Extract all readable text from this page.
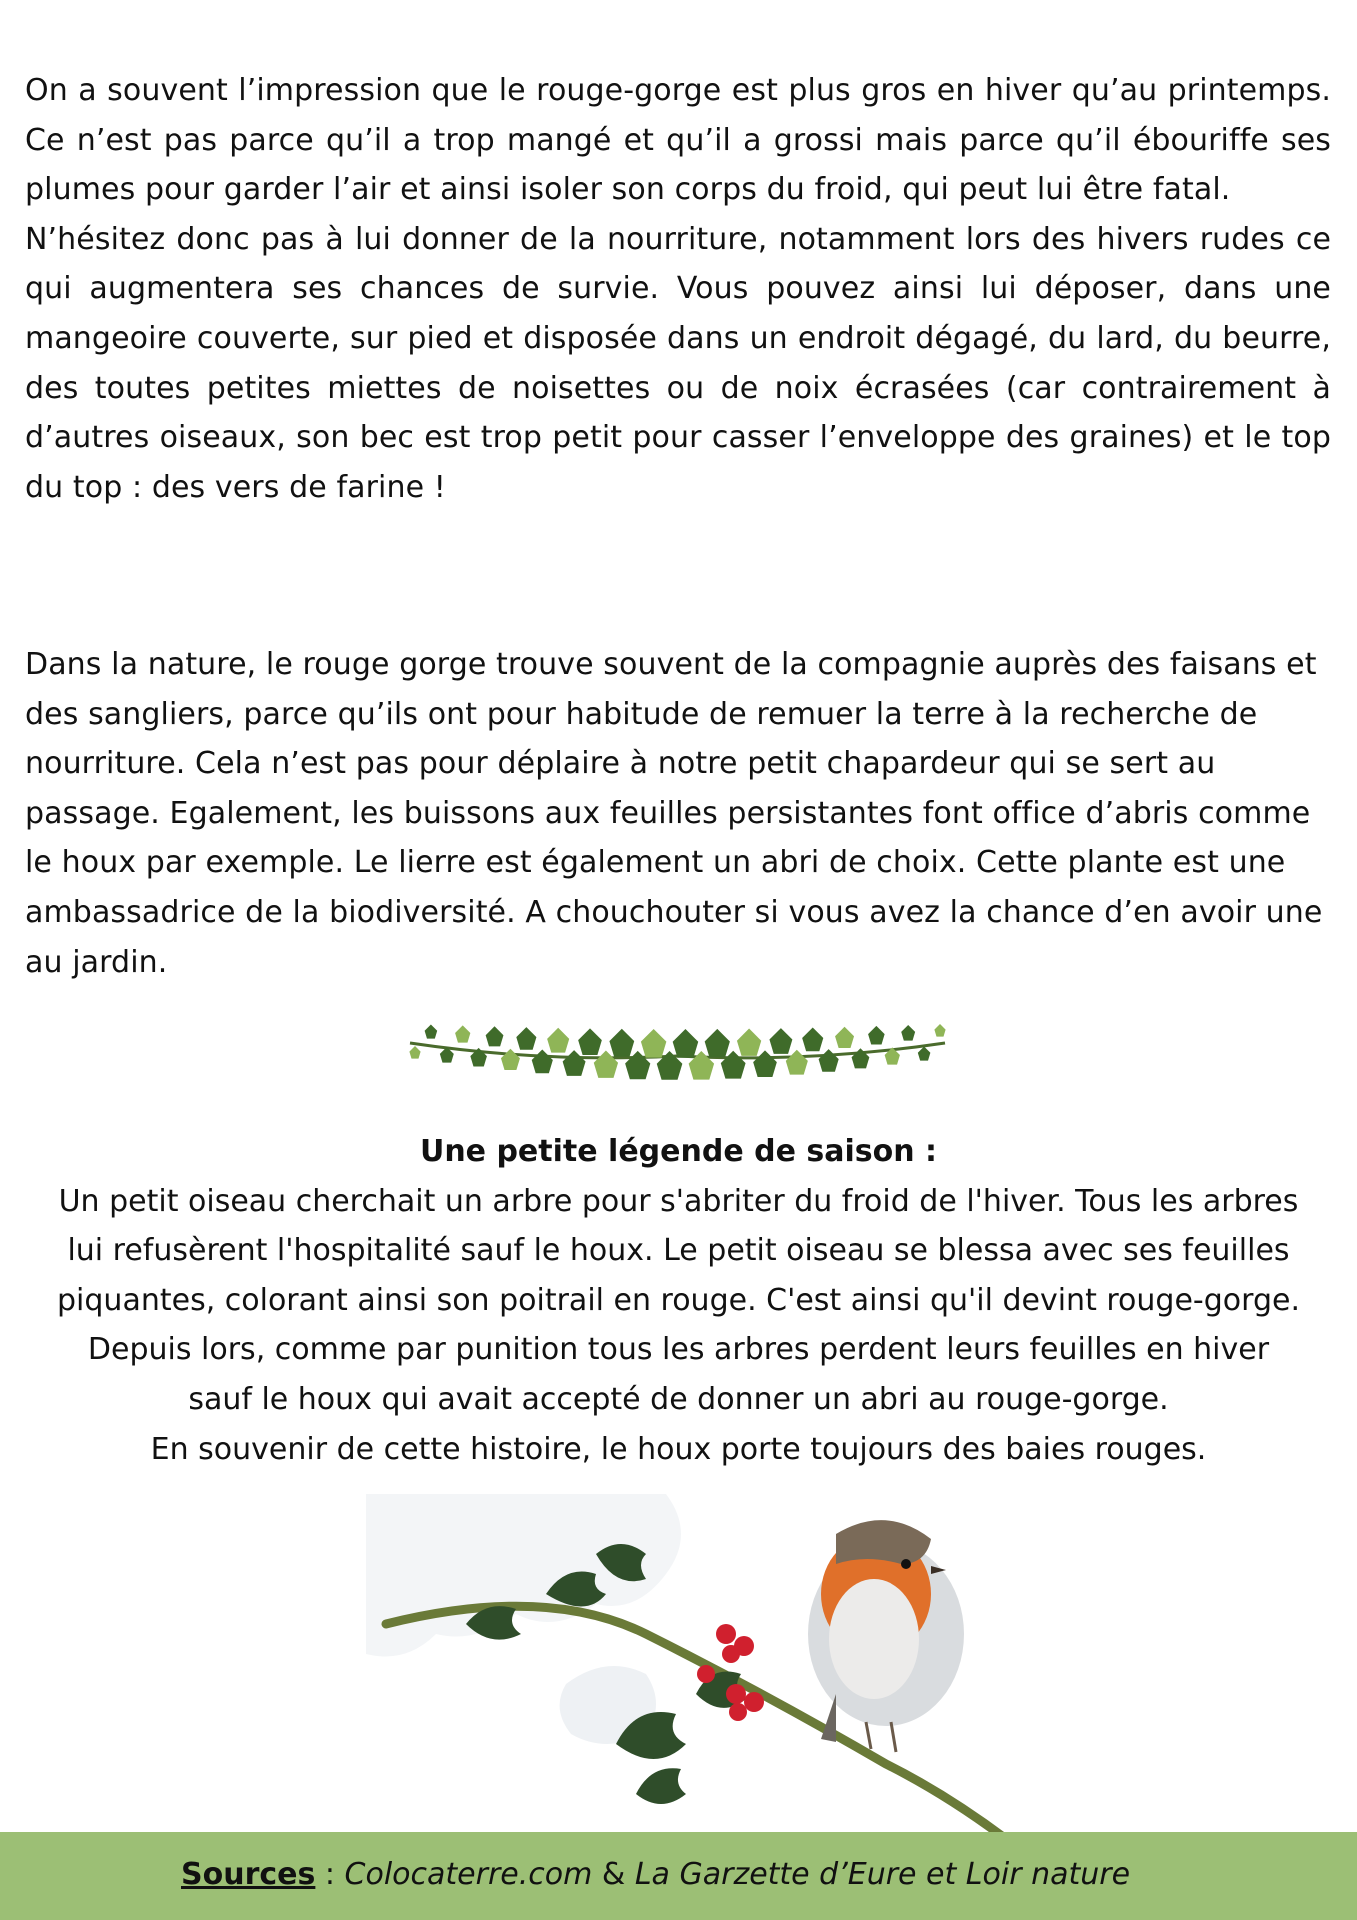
On a souvent l’impression que le rouge-gorge est plus gros en hiver qu’au printemps. Ce n’est pas parce qu’il a trop mangé et qu’il a grossi mais parce qu’il ébouriffe ses plumes pour garder l’air et ainsi isoler son corps du froid, qui peut lui être fatal.
N’hésitez donc pas à lui donner de la nourriture, notamment lors des hivers rudes ce qui augmentera ses chances de survie. Vous pouvez ainsi lui déposer, dans une mangeoire couverte, sur pied et disposée dans un endroit dégagé, du lard, du beurre, des toutes petites miettes de noisettes ou de noix écrasées (car contrairement à d’autres oiseaux, son bec est trop petit pour casser l’enveloppe des graines) et le top du top : des vers de farine !

Dans la nature, le rouge gorge trouve souvent de la compagnie auprès des faisans et des sangliers, parce qu’ils ont pour habitude de remuer la terre à la recherche de nourriture. Cela n’est pas pour déplaire à notre petit chapardeur qui se sert au passage. Egalement, les buissons aux feuilles persistantes font office d’abris comme le houx par exemple. Le lierre est également un abri de choix. Cette plante est une ambassadrice de la biodiversité. A chouchouter si vous avez la chance d’en avoir une au jardin.

Une petite légende de saison :
Un petit oiseau cherchait un arbre pour s'abriter du froid de l'hiver. Tous les arbres
lui refusèrent l'hospitalité sauf le houx. Le petit oiseau se blessa avec ses feuilles
piquantes, colorant ainsi son poitrail en rouge. C'est ainsi qu'il devint rouge-gorge.
Depuis lors, comme par punition tous les arbres perdent leurs feuilles en hiver
sauf le houx qui avait accepté de donner un abri au rouge-gorge.
En souvenir de cette histoire, le houx porte toujours des baies rouges.
Sources : Colocaterre.com & La Garzette d’Eure et Loir nature
